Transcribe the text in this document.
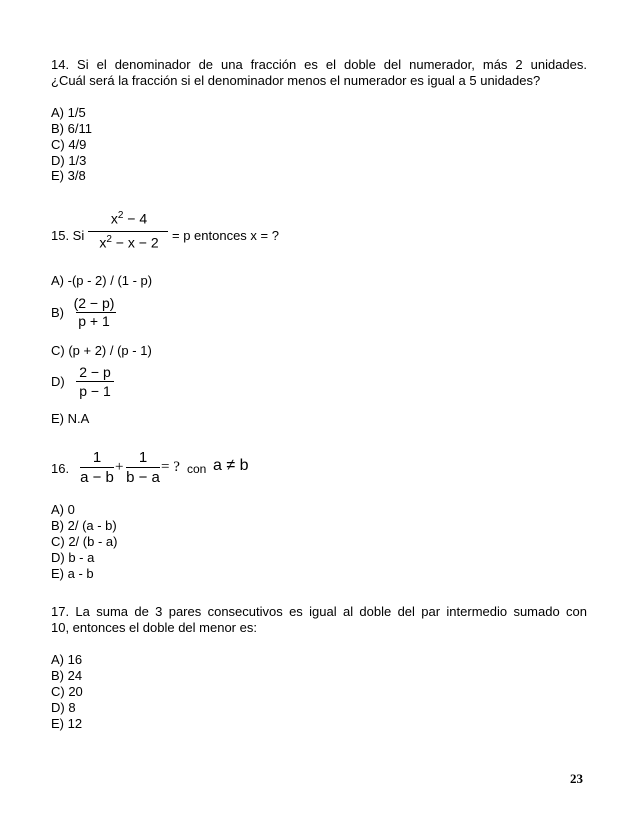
14. Si el denominador de una fracción es el doble del numerador, más 2 unidades.
¿Cuál será la fracción si el denominador menos el numerador es igual a 5 unidades?
A) 1/5
B) 6/11
C) 4/9
D) 1/3
E) 3/8
15. Si
$x^2 - 4$
$x^2 - x - 2$	= p entonces x = ?
A) -(p - 2) / (1 - p)
B)
(2 − p)
p + 1
C) (p + 2) / (p - 1)
D)
2 − p
p − 1
E) N.A
16.
1
a − b
+
1
b − a
= ? con a ≠ b
A) 0
B) 2/ (a - b)
C) 2/ (b - a)
D) b - a
E) a - b
17. La suma de 3 pares consecutivos es igual al doble del par intermedio sumado con
10, entonces el doble del menor es:
A) 16
B) 24
C) 20
D) 8
E) 12
23
